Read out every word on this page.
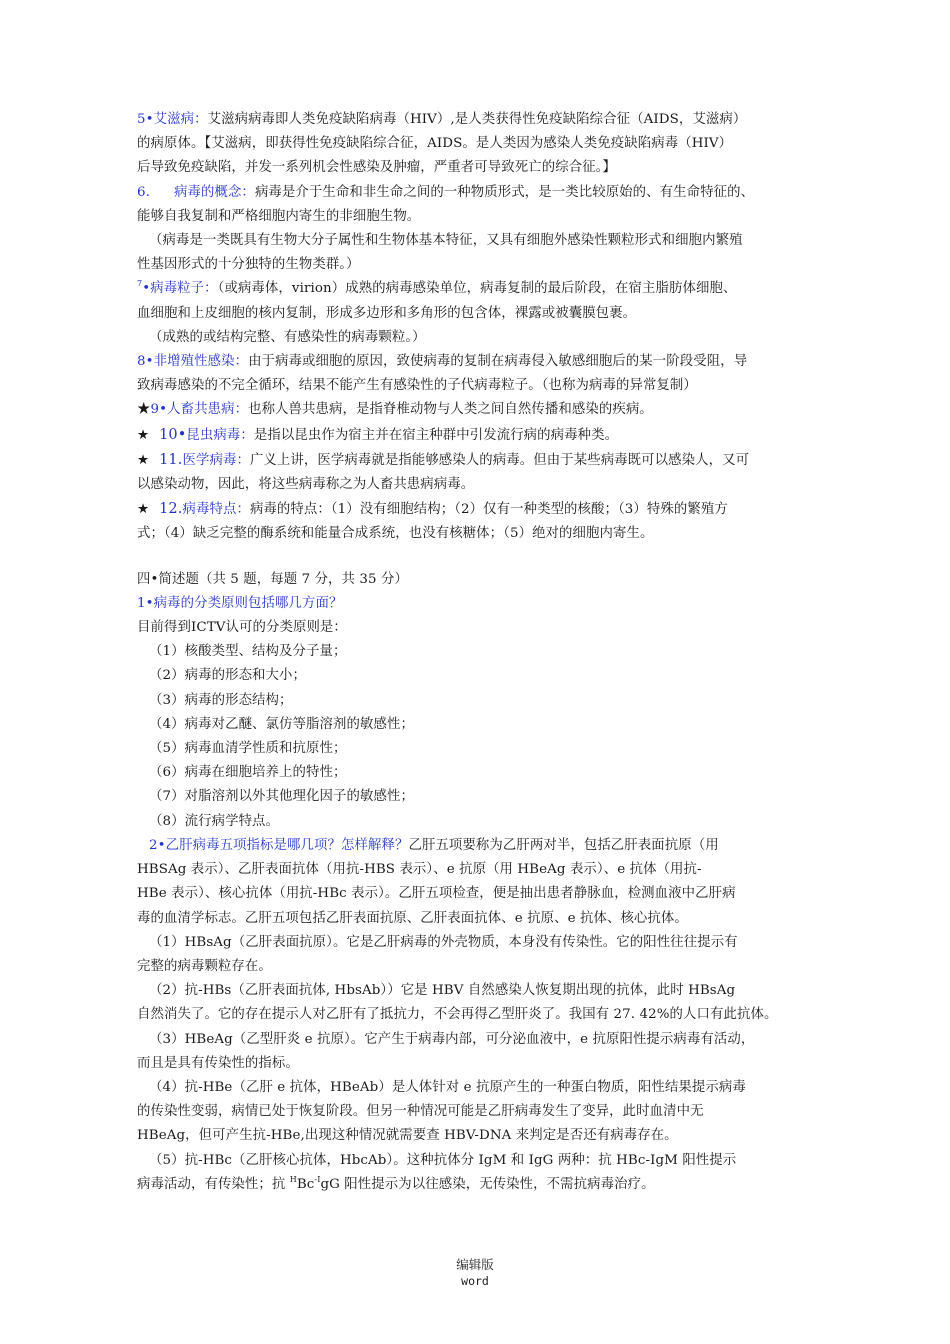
5•艾滋病：艾滋病病毒即人类免疫缺陷病毒（HIV）,是人类获得性免疫缺陷综合征（AIDS，艾滋病）

的病原体。【艾滋病，即获得性免疫缺陷综合征，AIDS。是人类因为感染人类免疫缺陷病毒（HIV）

后导致免疫缺陷，并发一系列机会性感染及肿瘤，严重者可导致死亡的综合征。】

6. 病毒的概念：病毒是介于生命和非生命之间的一种物质形式，是一类比较原始的、有生命特征的、

能够自我复制和严格细胞内寄生的非细胞生物。

（病毒是一类既具有生物大分子属性和生物体基本特征，又具有细胞外感染性颗粒形式和细胞内繁殖

性基因形式的十分独特的生物类群。）

$^7$•病毒粒子：（或病毒体，virion）成熟的病毒感染单位，病毒复制的最后阶段，在宿主脂肪体细胞、

血细胞和上皮细胞的核内复制，形成多边形和多角形的包含体，裸露或被囊膜包裹。

（成熟的或结构完整、有感染性的病毒颗粒。）

8•非增殖性感染：由于病毒或细胞的原因，致使病毒的复制在病毒侵入敏感细胞后的某一阶段受阻，导

致病毒感染的不完全循环，结果不能产生有感染性的子代病毒粒子。（也称为病毒的异常复制）

★9•人畜共患病：也称人兽共患病，是指脊椎动物与人类之间自然传播和感染的疾病。

★ 10•昆虫病毒：是指以昆虫作为宿主并在宿主种群中引发流行病的病毒种类。

★ 11.医学病毒：广义上讲，医学病毒就是指能够感染人的病毒。但由于某些病毒既可以感染人，又可

以感染动物，因此，将这些病毒称之为人畜共患病病毒。

★ 12.病毒特点：病毒的特点：（1）没有细胞结构；（2）仅有一种类型的核酸；（3）特殊的繁殖方

式；（4）缺乏完整的酶系统和能量合成系统，也没有核糖体；（5）绝对的细胞内寄生。

四•简述题（共 5 题，每题 7 分，共 35 分）

1•病毒的分类原则包括哪几方面？

目前得到ICTV认可的分类原则是：

（1）核酸类型、结构及分子量；

（2）病毒的形态和大小；

（3）病毒的形态结构；

（4）病毒对乙醚、氯仿等脂溶剂的敏感性；

（5）病毒血清学性质和抗原性；

（6）病毒在细胞培养上的特性；

（7）对脂溶剂以外其他理化因子的敏感性；

（8）流行病学特点。

2•乙肝病毒五项指标是哪几项？怎样解释？乙肝五项要称为乙肝两对半，包括乙肝表面抗原（用

HBSAg 表示）、乙肝表面抗体（用抗-HBS 表示）、e 抗原（用 HBeAg 表示）、e 抗体（用抗-

HBe 表示）、核心抗体（用抗-HBc 表示）。乙肝五项检查，便是抽出患者静脉血，检测血液中乙肝病

毒的血清学标志。乙肝五项包括乙肝表面抗原、乙肝表面抗体、e 抗原、e 抗体、核心抗体。

（1）HBsAg（乙肝表面抗原）。它是乙肝病毒的外壳物质，本身没有传染性。它的阳性往往提示有

完整的病毒颗粒存在。

（2）抗-HBs（乙肝表面抗体, HbsAb））它是 HBV 自然感染人恢复期出现的抗体，此时 HBsAg

自然消失了。它的存在提示人对乙肝有了抵抗力，不会再得乙型肝炎了。我国有 27. 42%的人口有此抗体。

（3）HBeAg（乙型肝炎 e 抗原）。它产生于病毒内部，可分泌血液中，e 抗原阳性提示病毒有活动，

而且是具有传染性的指标。

（4）抗-HBe（乙肝 e 抗体，HBeAb）是人体针对 e 抗原产生的一种蛋白物质，阳性结果提示病毒

的传染性变弱，病情已处于恢复阶段。但另一种情况可能是乙肝病毒发生了变异，此时血清中无

HBeAg，但可产生抗-HBe,出现这种情况就需要查 HBV-DNA 来判定是否还有病毒存在。

（5）抗-HBc（乙肝核心抗体，HbcAb）。这种抗体分 IgM 和 IgG 两种：抗 HBc-IgM 阳性提示

病毒活动，有传染性；抗 $^HBc^{-I}gG$ 阳性提示为以往感染，无传染性，不需抗病毒治疗。

编辑版
word
